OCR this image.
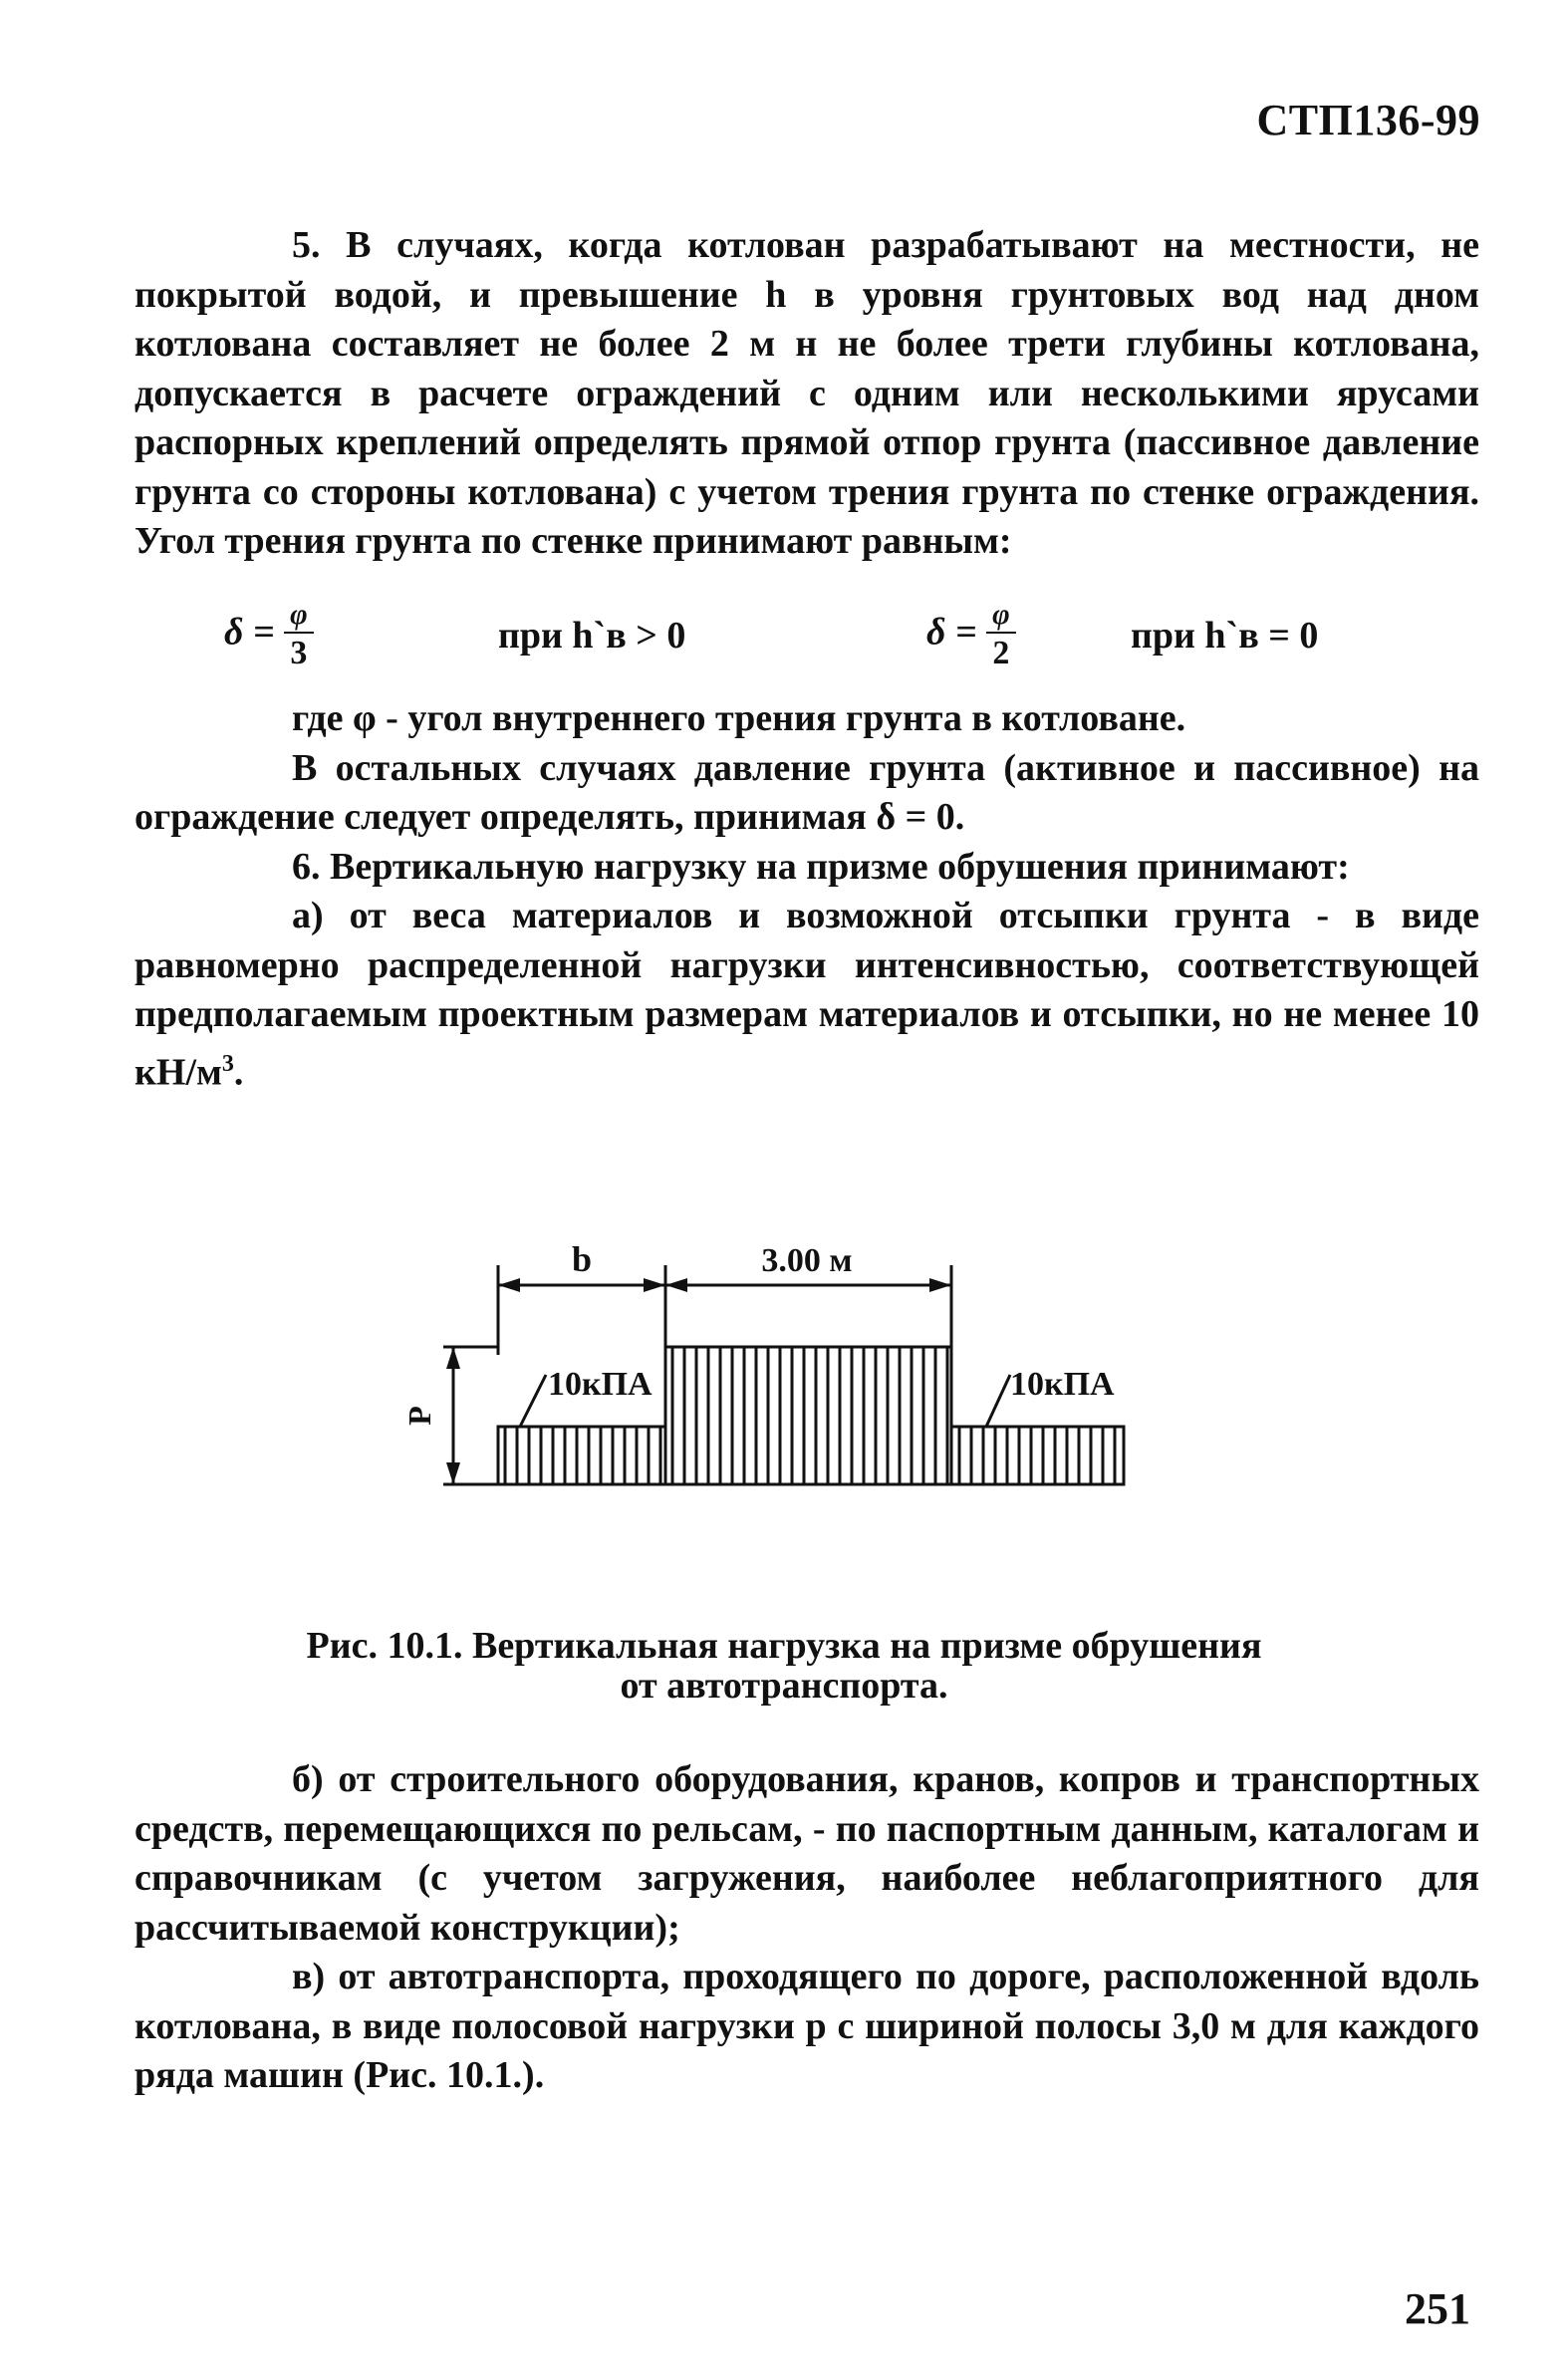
СТП136-99

5. В случаях, когда котлован разрабатывают на местности, не покрытой водой, и превышение h в уровня грунтовых вод над дном котлована составляет не более 2 м н не более трети глубины котлована, допускается в расчете ограждений с одним или несколькими ярусами распорных креплений определять прямой отпор грунта (пассивное давление грунта со стороны котлована) с учетом трения грунта по стенке ограждения. Угол трения грунта по стенке принимают равным:

$\delta = \frac{\varphi}{3}$	при h`в > 0	$\delta = \frac{\varphi}{2}$	при h`в = 0

где φ - угол внутреннего трения грунта в котловане.

В остальных случаях давление грунта (активное и пассивное) на ограждение следует определять, принимая δ = 0.

6. Вертикальную нагрузку на призме обрушения принимают:

а) от веса материалов и возможной отсыпки грунта - в виде равномерно распределенной нагрузки интенсивностью, соответствующей предполагаемым проектным размерам материалов и отсыпки, но не менее 10 $кН/м^3$.

b	3.00 м
P
10кПА	10кПА
Рис. 10.1. Вертикальная нагрузка на призме обрушения
от автотранспорта.

б) от строительного оборудования, кранов, копров и транспортных средств, перемещающихся по рельсам, - по паспортным данным, каталогам и справочникам (с учетом загружения, наиболее неблагоприятного для рассчитываемой конструкции);

в) от автотранспорта, проходящего по дороге, расположенной вдоль котлована, в виде полосовой нагрузки р с шириной полосы 3,0 м для каждого ряда машин (Рис. 10.1.).

251
